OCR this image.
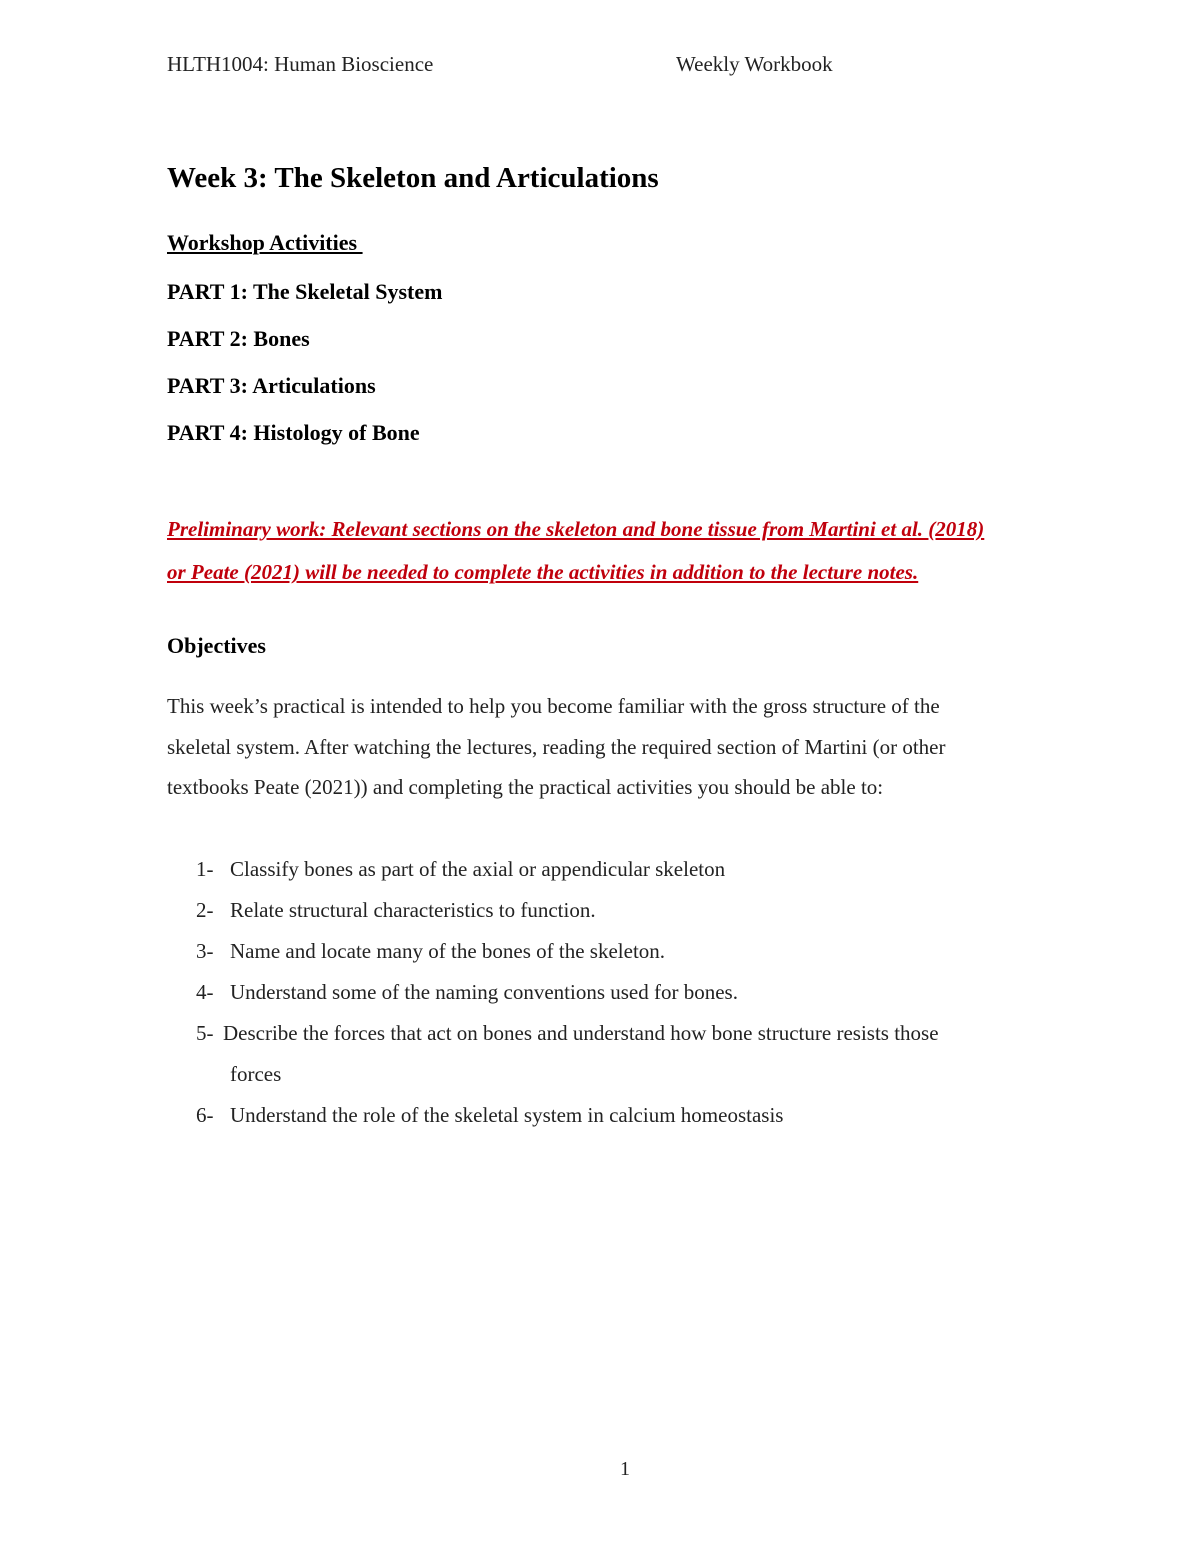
HLTH1004: Human Bioscience	Weekly Workbook
Week 3: The Skeleton and Articulations
Workshop Activities
PART 1: The Skeletal System
PART 2: Bones
PART 3: Articulations
PART 4: Histology of Bone

Preliminary work: Relevant sections on the skeleton and bone tissue from Martini et al. (2018)
or Peate (2021) will be needed to complete the activities in addition to the lecture notes.

Objectives

This week’s practical is intended to help you become familiar with the gross structure of the
skeletal system. After watching the lectures, reading the required section of Martini (or other
textbooks Peate (2021)) and completing the practical activities you should be able to:

1- Classify bones as part of the axial or appendicular skeleton
2- Relate structural characteristics to function.
3- Name and locate many of the bones of the skeleton.
4- Understand some of the naming conventions used for bones.
5- Describe the forces that act on bones and understand how bone structure resists those
forces
6- Understand the role of the skeletal system in calcium homeostasis
1
